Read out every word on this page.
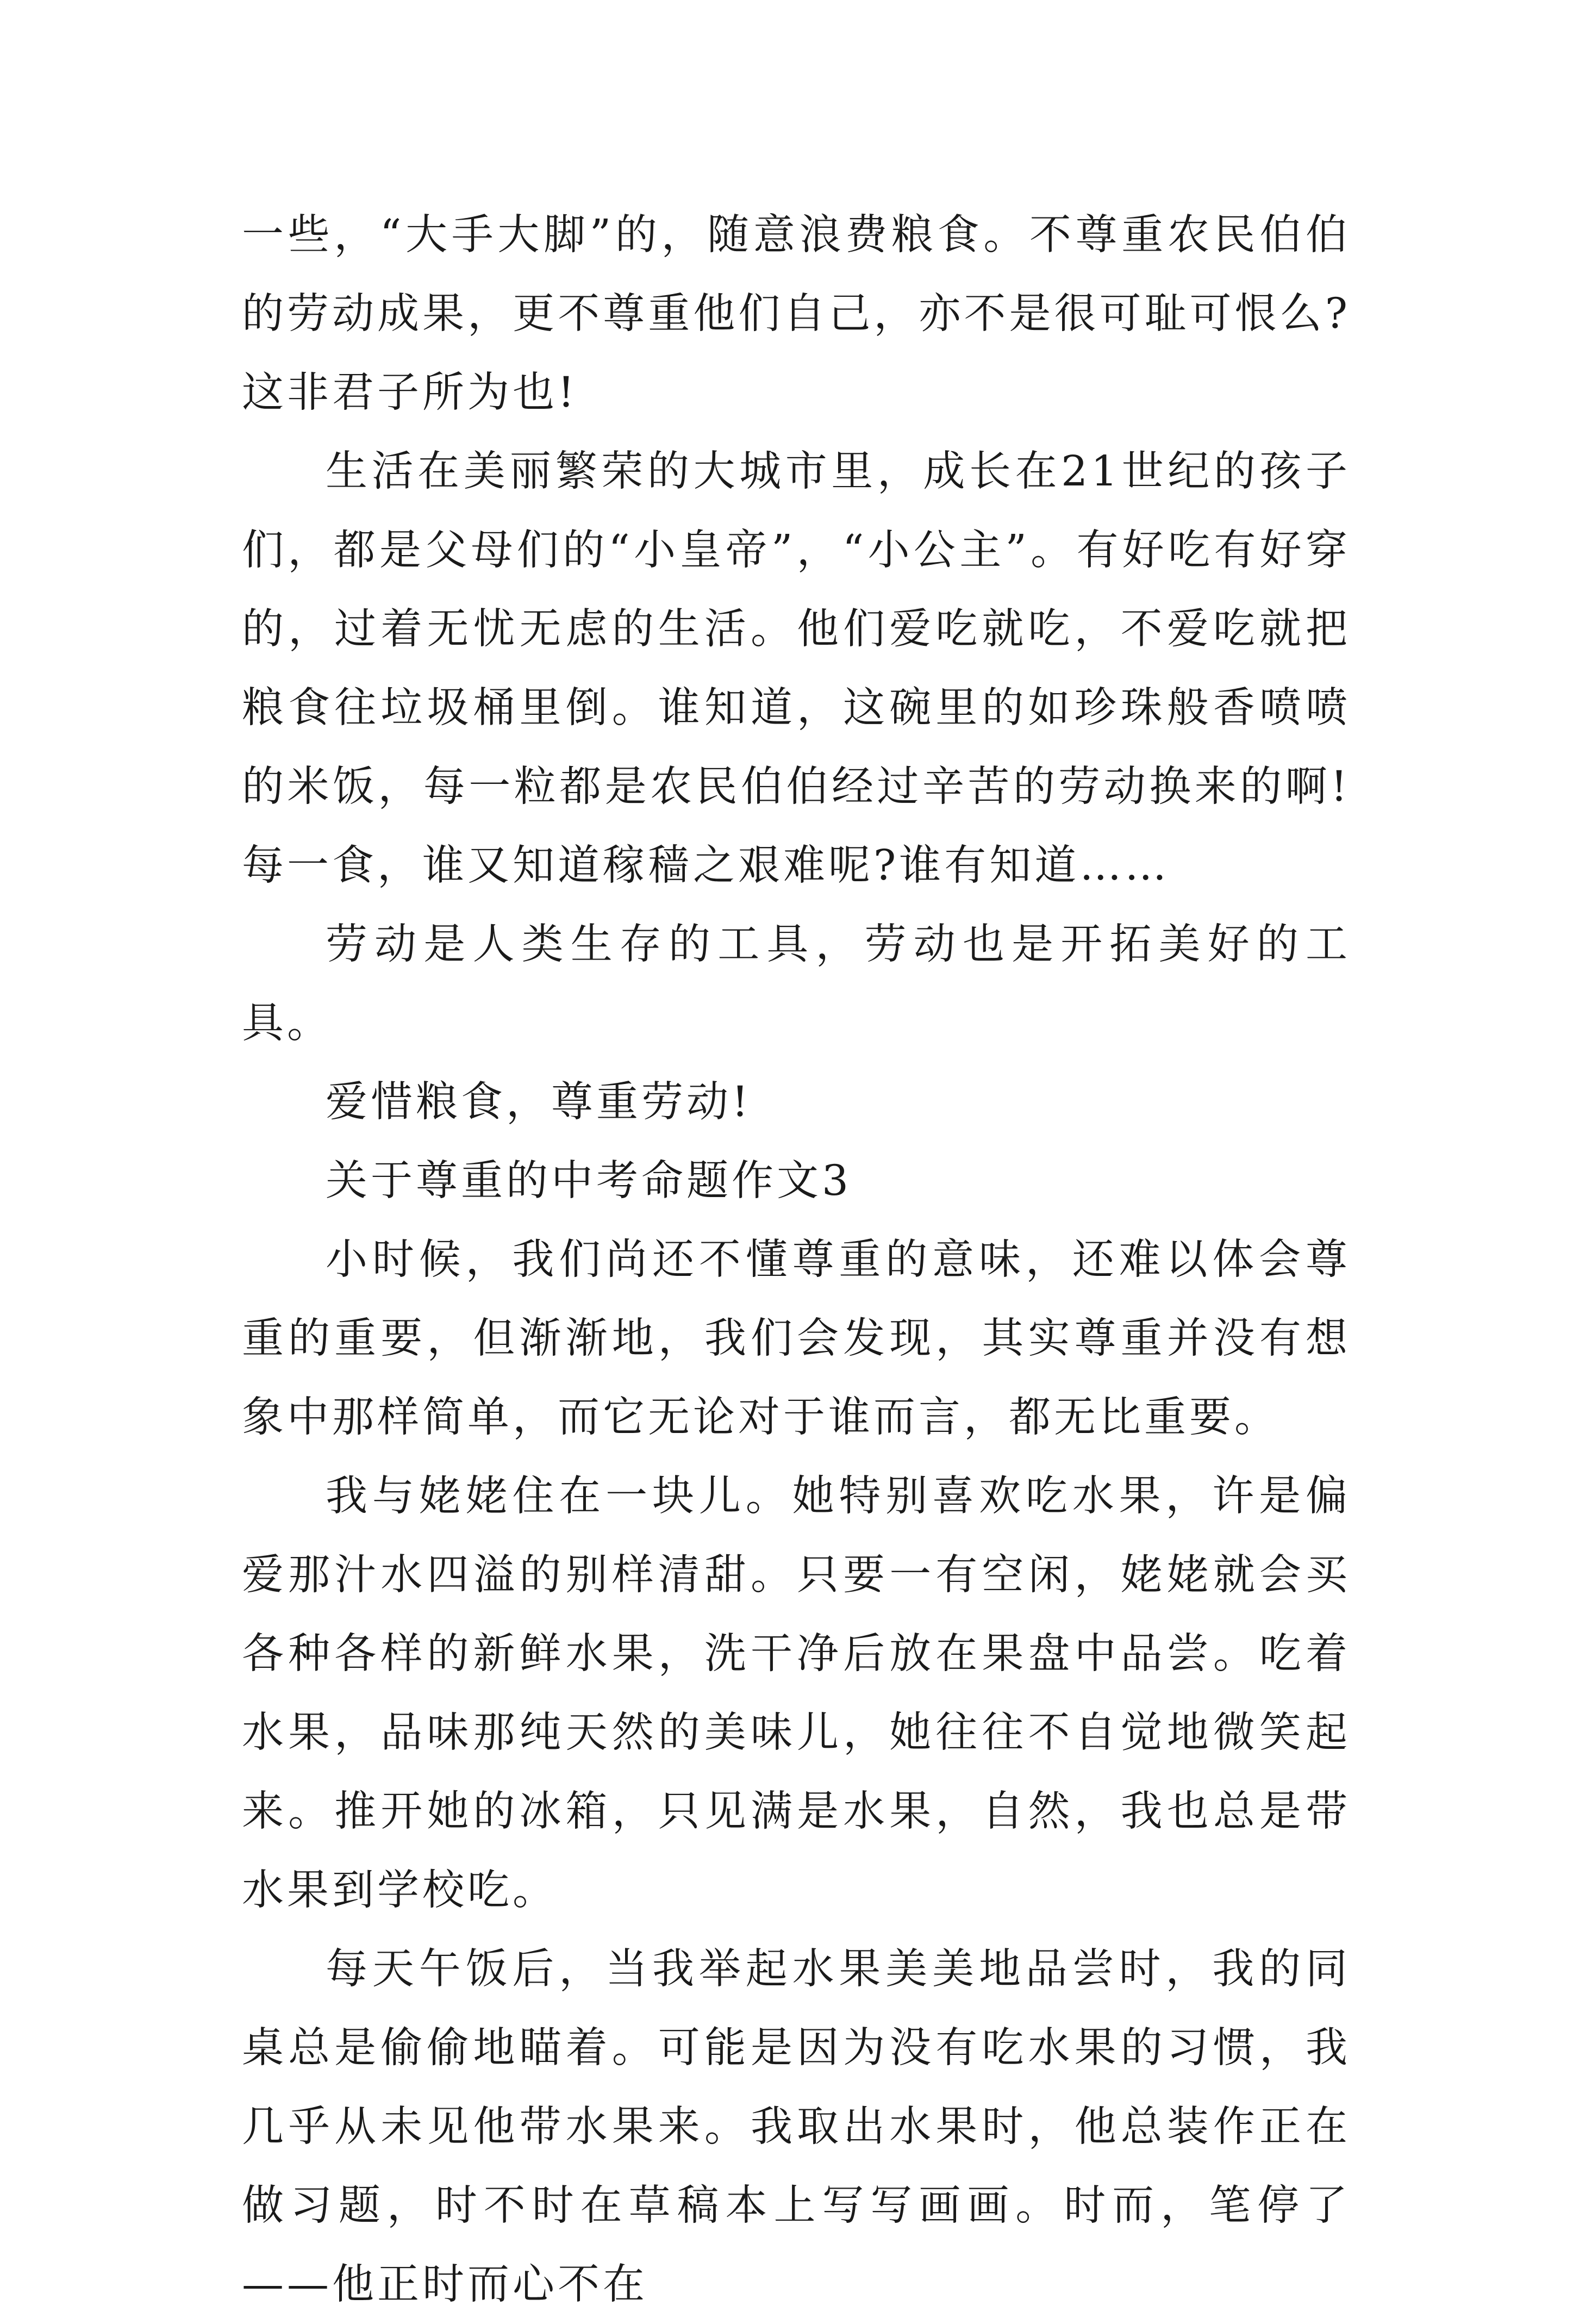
一些，“大手大脚”的，随意浪费粮食。不尊重农民伯伯的劳动成果，更不尊重他们自己，亦不是很可耻可恨么?这非君子所为也!

生活在美丽繁荣的大城市里，成长在21世纪的孩子们，都是父母们的“小皇帝”，“小公主”。有好吃有好穿的，过着无忧无虑的生活。他们爱吃就吃，不爱吃就把粮食往垃圾桶里倒。谁知道，这碗里的如珍珠般香喷喷的米饭，每一粒都是农民伯伯经过辛苦的劳动换来的啊!每一食，谁又知道稼穑之艰难呢?谁有知道……

劳动是人类生存的工具，劳动也是开拓美好的工具。

爱惜粮食，尊重劳动!

关于尊重的中考命题作文3

小时候，我们尚还不懂尊重的意味，还难以体会尊重的重要，但渐渐地，我们会发现，其实尊重并没有想象中那样简单，而它无论对于谁而言，都无比重要。

我与姥姥住在一块儿。她特别喜欢吃水果，许是偏爱那汁水四溢的别样清甜。只要一有空闲，姥姥就会买各种各样的新鲜水果，洗干净后放在果盘中品尝。吃着水果，品味那纯天然的美味儿，她往往不自觉地微笑起来。推开她的冰箱，只见满是水果，自然，我也总是带水果到学校吃。

每天午饭后，当我举起水果美美地品尝时，我的同桌总是偷偷地瞄着。可能是因为没有吃水果的习惯，我几乎从未见他带水果来。我取出水果时，他总装作正在做习题，时不时在草稿本上写写画画。时而，笔停了——他正时而心不在
